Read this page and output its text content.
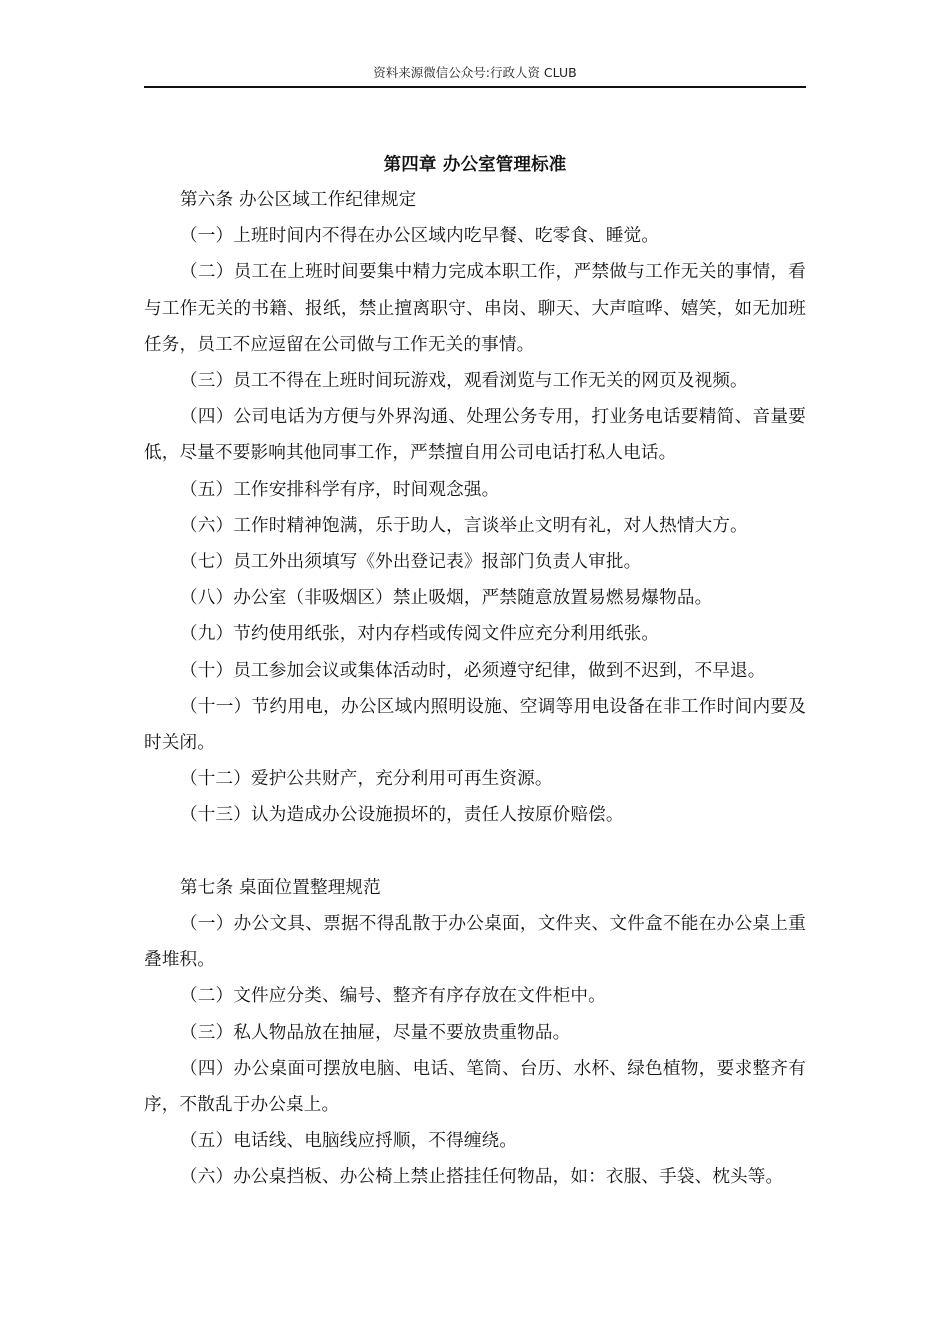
资料来源微信公众号:行政人资 CLUB
第四章 办公室管理标准

第六条 办公区域工作纪律规定

（一）上班时间内不得在办公区域内吃早餐、吃零食、睡觉。

（二）员工在上班时间要集中精力完成本职工作，严禁做与工作无关的事情，看与工作无关的书籍、报纸，禁止擅离职守、串岗、聊天、大声喧哗、嬉笑，如无加班任务，员工不应逗留在公司做与工作无关的事情。

（三）员工不得在上班时间玩游戏，观看浏览与工作无关的网页及视频。

（四）公司电话为方便与外界沟通、处理公务专用，打业务电话要精简、音量要低，尽量不要影响其他同事工作，严禁擅自用公司电话打私人电话。

（五）工作安排科学有序，时间观念强。

（六）工作时精神饱满，乐于助人，言谈举止文明有礼，对人热情大方。

（七）员工外出须填写《外出登记表》报部门负责人审批。

（八）办公室（非吸烟区）禁止吸烟，严禁随意放置易燃易爆物品。

（九）节约使用纸张，对内存档或传阅文件应充分利用纸张。

（十）员工参加会议或集体活动时，必须遵守纪律，做到不迟到，不早退。

（十一）节约用电，办公区域内照明设施、空调等用电设备在非工作时间内要及时关闭。

（十二）爱护公共财产，充分利用可再生资源。

（十三）认为造成办公设施损坏的，责任人按原价赔偿。

第七条 桌面位置整理规范

（一）办公文具、票据不得乱散于办公桌面，文件夹、文件盒不能在办公桌上重叠堆积。

（二）文件应分类、编号、整齐有序存放在文件柜中。

（三）私人物品放在抽屉，尽量不要放贵重物品。

（四）办公桌面可摆放电脑、电话、笔筒、台历、水杯、绿色植物，要求整齐有序，不散乱于办公桌上。

（五）电话线、电脑线应捋顺，不得缠绕。

（六）办公桌挡板、办公椅上禁止搭挂任何物品，如：衣服、手袋、枕头等。
